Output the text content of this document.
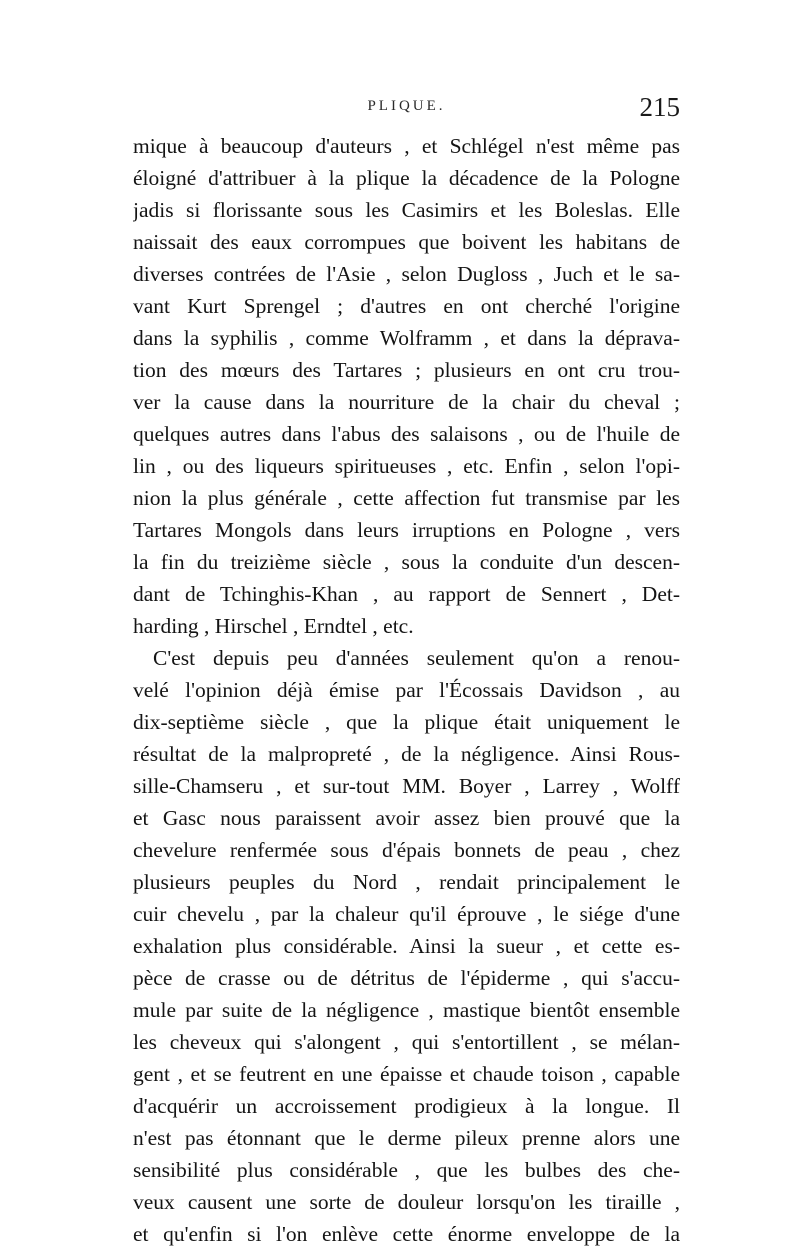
PLIQUE.	215
mique à beaucoup d'auteurs , et Schlégel n'est même pas
éloigné d'attribuer à la plique la décadence de la Pologne
jadis si florissante sous les Casimirs et les Boleslas. Elle
naissait des eaux corrompues que boivent les habitans de
diverses contrées de l'Asie , selon Dugloss , Juch et le sa-
vant Kurt Sprengel ; d'autres en ont cherché l'origine
dans la syphilis , comme Wolframm , et dans la déprava-
tion des mœurs des Tartares ; plusieurs en ont cru trou-
ver la cause dans la nourriture de la chair du cheval ;
quelques autres dans l'abus des salaisons , ou de l'huile de
lin , ou des liqueurs spiritueuses , etc. Enfin , selon l'opi-
nion la plus générale , cette affection fut transmise par les
Tartares Mongols dans leurs irruptions en Pologne , vers
la fin du treizième siècle , sous la conduite d'un descen-
dant de Tchinghis-Khan , au rapport de Sennert , Det-
harding , Hirschel , Erndtel , etc.
C'est depuis peu d'années seulement qu'on a renou-
velé l'opinion déjà émise par l'Écossais Davidson , au
dix-septième siècle , que la plique était uniquement le
résultat de la malpropreté , de la négligence. Ainsi Rous-
sille-Chamseru , et sur-tout MM. Boyer , Larrey , Wolff
et Gasc nous paraissent avoir assez bien prouvé que la
chevelure renfermée sous d'épais bonnets de peau , chez
plusieurs peuples du Nord , rendait principalement le
cuir chevelu , par la chaleur qu'il éprouve , le siége d'une
exhalation plus considérable. Ainsi la sueur , et cette es-
pèce de crasse ou de détritus de l'épiderme , qui s'accu-
mule par suite de la négligence , mastique bientôt ensemble
les cheveux qui s'alongent , qui s'entortillent , se mélan-
gent , et se feutrent en une épaisse et chaude toison , capable
d'acquérir un accroissement prodigieux à la longue. Il
n'est pas étonnant que le derme pileux prenne alors une
sensibilité plus considérable , que les bulbes des che-
veux causent une sorte de douleur lorsqu'on les tiraille ,
et qu'enfin si l'on enlève cette énorme enveloppe de la
